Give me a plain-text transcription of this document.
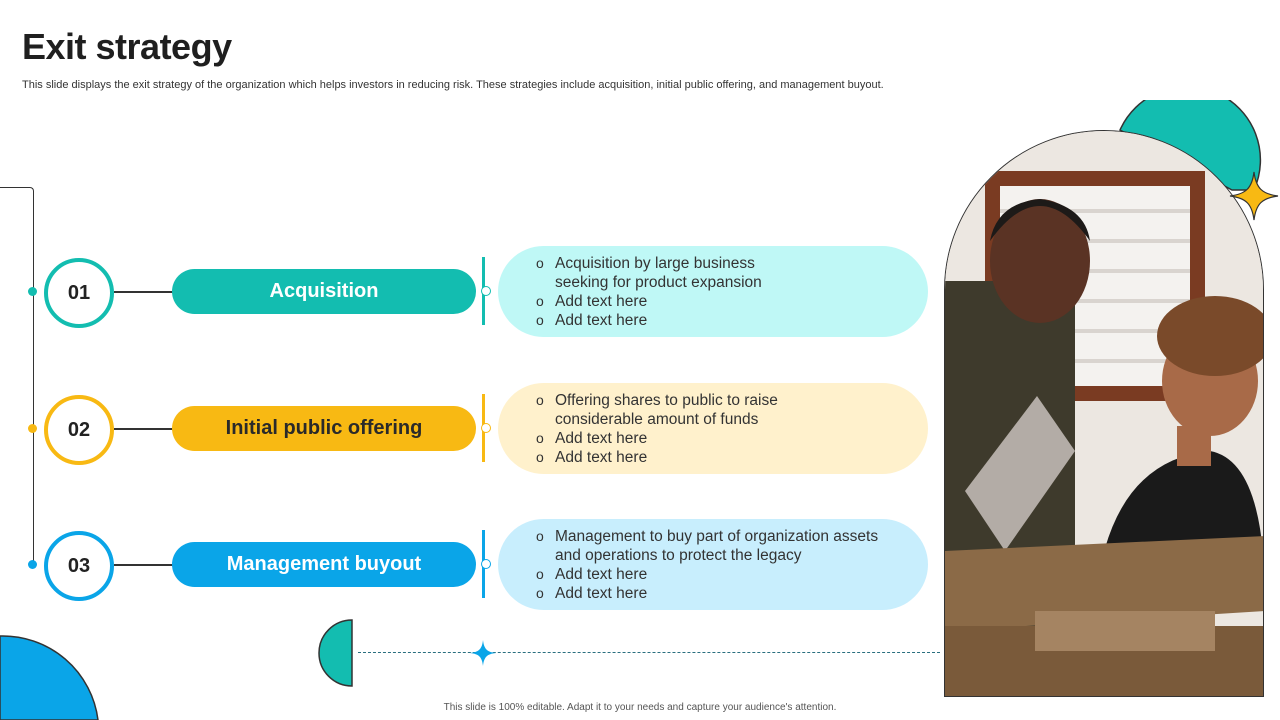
Exit strategy
This slide displays the exit strategy of the organization which helps investors in reducing risk. These strategies include acquisition, initial public offering, and management buyout.
01	Acquisition
o Acquisition by large business
seeking for product expansion
o Add text here
o Add text here
02	Initial public offering
o Offering shares to public to raise
considerable amount of funds
o Add text here
o Add text here
03	Management buyout
o Management to buy part of organization assets
and operations to protect the legacy
o Add text here
o Add text here
This slide is 100% editable. Adapt it to your needs and capture your audience's attention.
